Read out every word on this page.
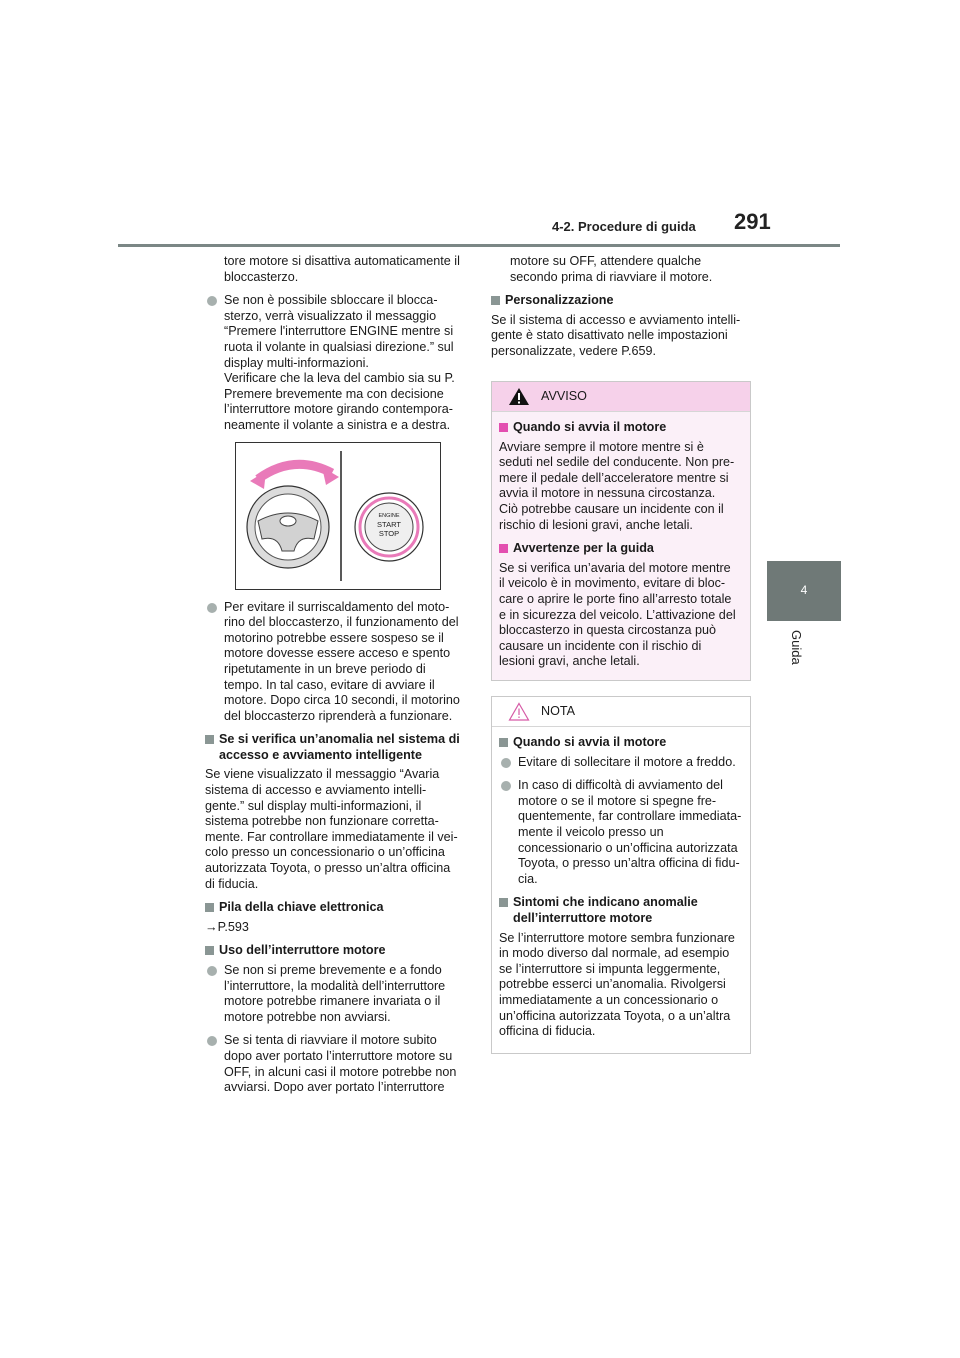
4-2. Procedure di guida 291
4
Guida

tore motore si disattiva automaticamente il bloccasterzo.

Se non è possibile sbloccare il blocca-
sterzo, verrà visualizzato il messaggio
“Premere l'interruttore ENGINE mentre si
ruota il volante in qualsiasi direzione.” sul
display multi-informazioni.
Verificare che la leva del cambio sia su P.
Premere brevemente ma con decisione
l’interruttore motore girando contempora-
neamente il volante a sinistra e a destra.
ENGINE
START
STOP
Per evitare il surriscaldamento del moto-
rino del bloccasterzo, il funzionamento del
motorino potrebbe essere sospeso se il
motore dovesse essere acceso e spento
ripetutamente in un breve periodo di
tempo. In tal caso, evitare di avviare il
motore. Dopo circa 10 secondi, il motorino
del bloccasterzo riprenderà a funzionare.
Se si verifica un’anomalia nel sistema di
accesso e avviamento intelligente
Se viene visualizzato il messaggio “Avaria
sistema di accesso e avviamento intelli-
gente.” sul display multi-informazioni, il
sistema potrebbe non funzionare corretta-
mente. Far controllare immediatamente il vei-
colo presso un concessionario o un’officina
autorizzata Toyota, o presso un’altra officina
di fiducia.
Pila della chiave elettronica
→P.593
Uso dell’interruttore motore
Se non si preme brevemente e a fondo
l’interruttore, la modalità dell’interruttore
motore potrebbe rimanere invariata o il
motore potrebbe non avviarsi.
Se si tenta di riavviare il motore subito
dopo aver portato l’interruttore motore su
OFF, in alcuni casi il motore potrebbe non
avviarsi. Dopo aver portato l’interruttore
motore su OFF, attendere qualche
secondo prima di riavviare il motore.
Personalizzazione
Se il sistema di accesso e avviamento intelli-
gente è stato disattivato nelle impostazioni
personalizzate, vedere P.659.
AVVISO
Quando si avvia il motore
Avviare sempre il motore mentre si è
seduti nel sedile del conducente. Non pre-
mere il pedale dell’acceleratore mentre si
avvia il motore in nessuna circostanza.
Ciò potrebbe causare un incidente con il
rischio di lesioni gravi, anche letali.
Avvertenze per la guida
Se si verifica un’avaria del motore mentre
il veicolo è in movimento, evitare di bloc-
care o aprire le porte fino all’arresto totale
e in sicurezza del veicolo. L’attivazione del
bloccasterzo in questa circostanza può
causare un incidente con il rischio di
lesioni gravi, anche letali.
NOTA
Quando si avvia il motore
Evitare di sollecitare il motore a freddo.
In caso di difficoltà di avviamento del
motore o se il motore si spegne fre-
quentemente, far controllare immediata-
mente il veicolo presso un
concessionario o un’officina autorizzata
Toyota, o presso un’altra officina di fidu-
cia.
Sintomi che indicano anomalie
dell’interruttore motore
Se l’interruttore motore sembra funzionare
in modo diverso dal normale, ad esempio
se l’interruttore si impunta leggermente,
potrebbe esserci un’anomalia. Rivolgersi
immediatamente a un concessionario o
un’officina autorizzata Toyota, o a un’altra
officina di fiducia.
